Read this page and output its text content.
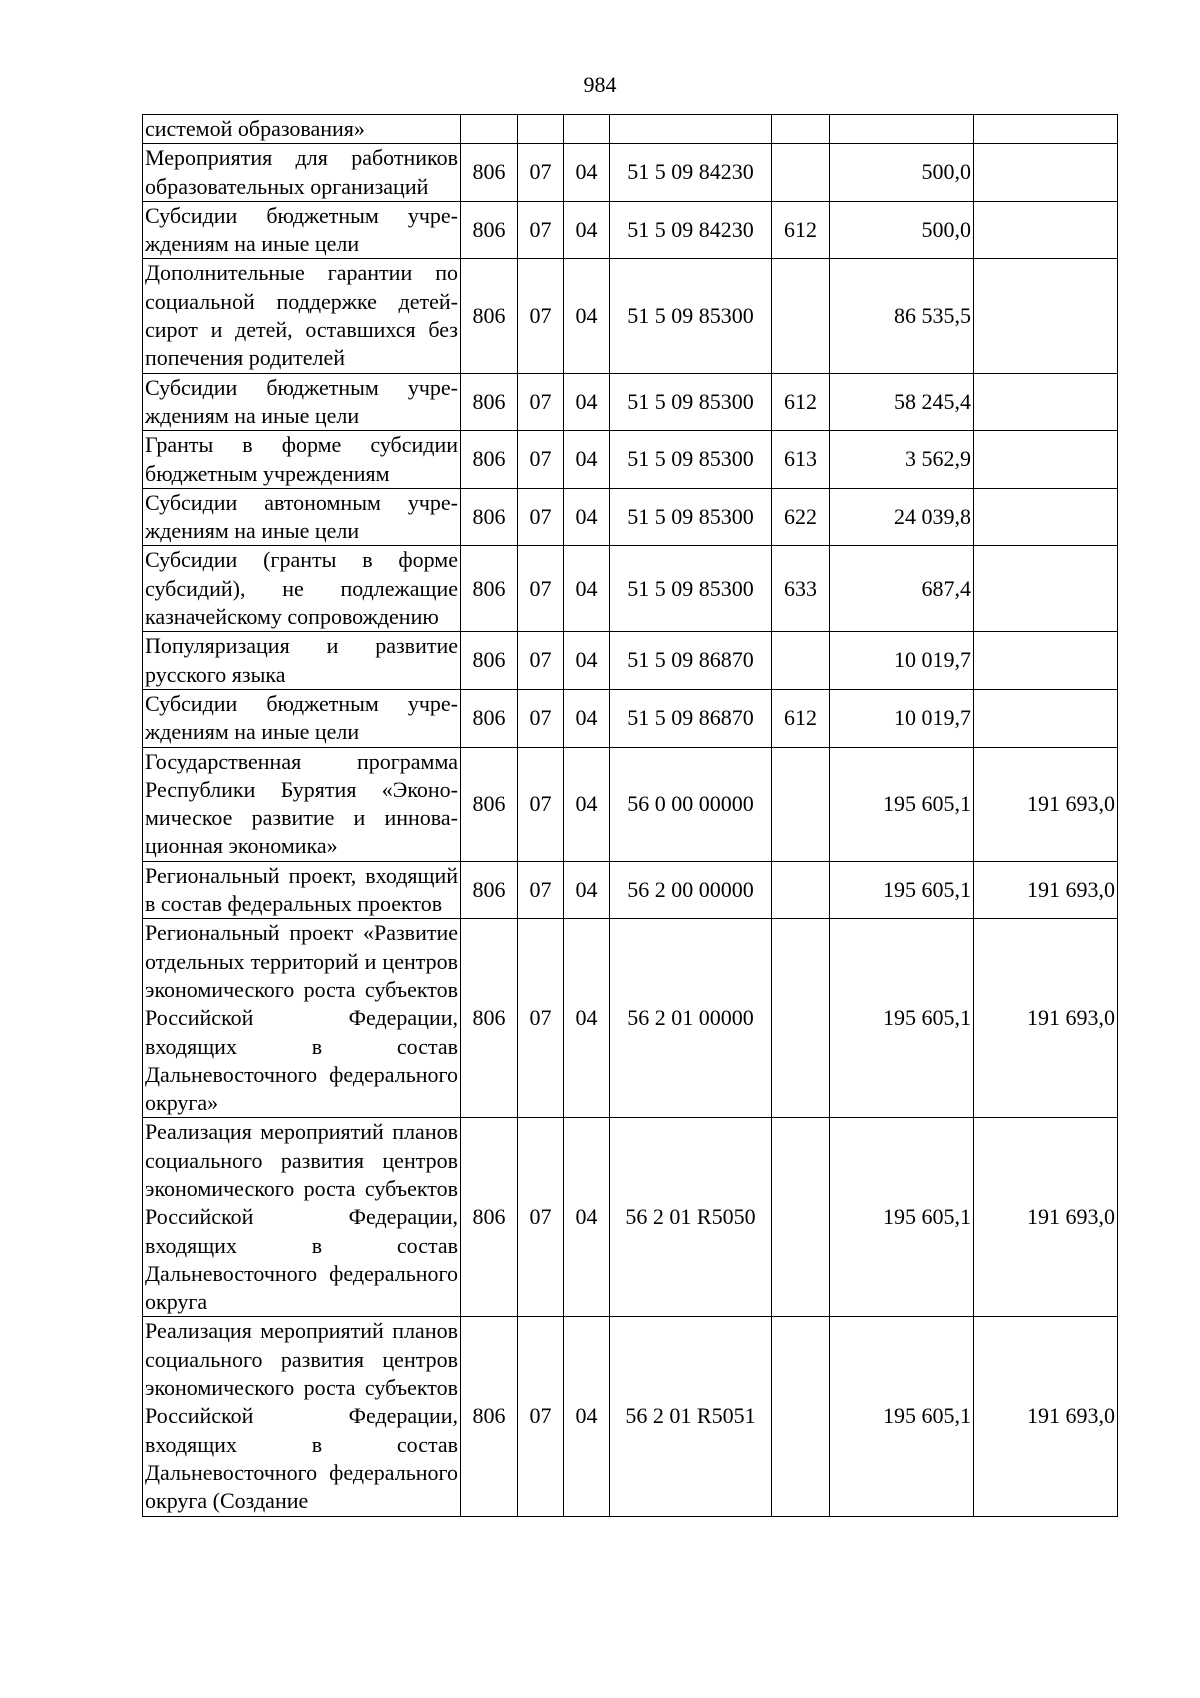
984
системой образования»							
Мероприятия для работников образовательных организаций	806	07	04	51 5 09 84230		500,0	
Субсидии бюджетным учреждениям на иные цели	806	07	04	51 5 09 84230	612	500,0	
Дополнительные гарантии по социальной поддержке детей-сирот и детей, оставшихся без попечения родителей	806	07	04	51 5 09 85300		86 535,5	
Субсидии бюджетным учреждениям на иные цели	806	07	04	51 5 09 85300	612	58 245,4	
Гранты в форме субсидии бюджетным учреждениям	806	07	04	51 5 09 85300	613	3 562,9	
Субсидии автономным учреждениям на иные цели	806	07	04	51 5 09 85300	622	24 039,8	
Субсидии (гранты в форме субсидий), не подлежащие казначейскому сопровождению	806	07	04	51 5 09 85300	633	687,4	
Популяризация и развитие русского языка	806	07	04	51 5 09 86870		10 019,7	
Субсидии бюджетным учреждениям на иные цели	806	07	04	51 5 09 86870	612	10 019,7	
Государственная программа Республики Бурятия «Экономическое развитие и инновационная экономика»	806	07	04	56 0 00 00000		195 605,1	191 693,0
Региональный проект, входящий в состав федеральных проектов	806	07	04	56 2 00 00000		195 605,1	191 693,0
Региональный проект «Развитие отдельных территорий и центров экономического роста субъектов Российской Федерации, входящих в состав Дальневосточного федерального округа»	806	07	04	56 2 01 00000		195 605,1	191 693,0
Реализация мероприятий планов социального развития центров экономического роста субъектов Российской Федерации, входящих в состав Дальневосточного федерального округа	806	07	04	56 2 01 R5050		195 605,1	191 693,0
Реализация мероприятий планов социального развития центров экономического роста субъектов Российской Федерации, входящих в состав Дальневосточного федерального округа (Создание	806	07	04	56 2 01 R5051		195 605,1	191 693,0
